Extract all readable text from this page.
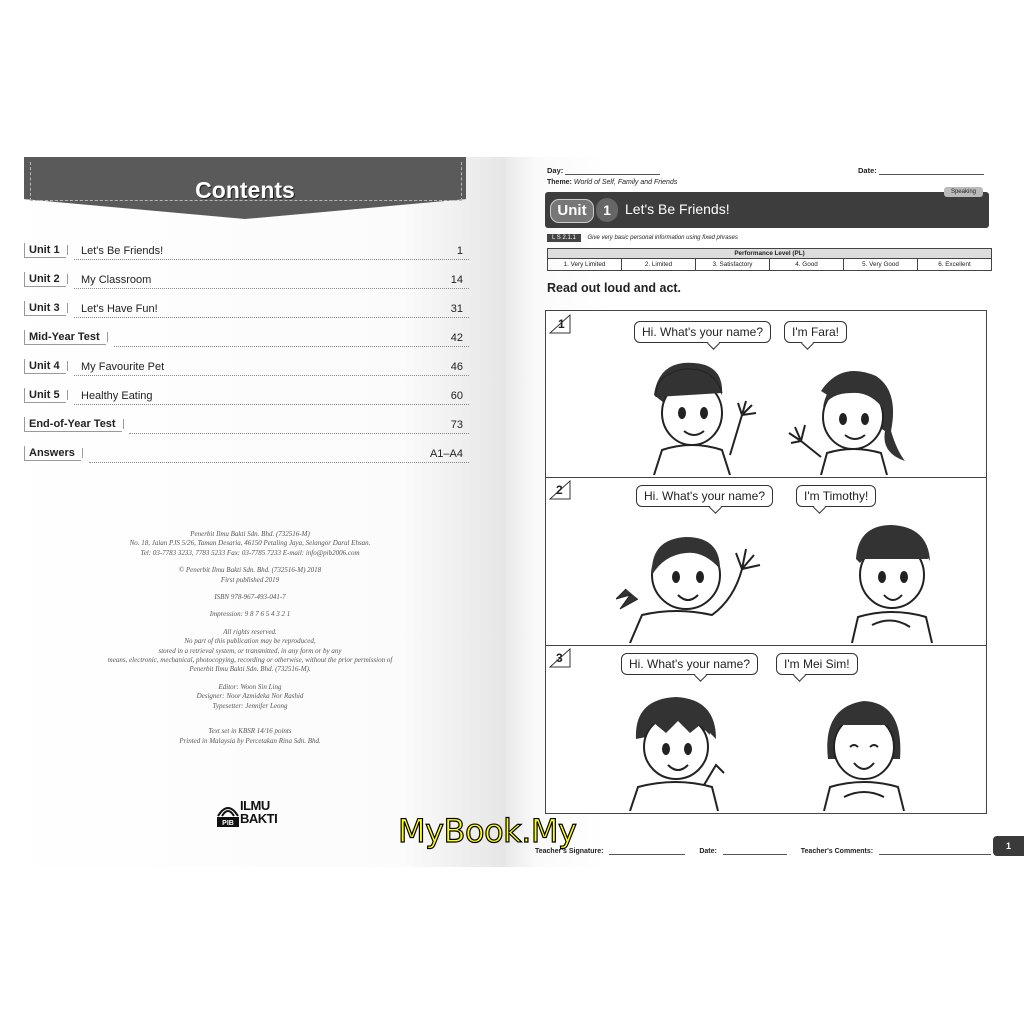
Contents
Unit 1	Let's Be Friends!	1
Unit 2	My Classroom	14
Unit 3	Let's Have Fun!	31
Mid-Year Test	42
Unit 4	My Favourite Pet	46
Unit 5	Healthy Eating	60
End-of-Year Test	73
Answers	A1–A4
Penerbit Ilmu Bakti Sdn. Bhd. (732516-M)
No. 18, Jalan PJS 5/26, Taman Desaria, 46150 Petaling Jaya, Selangor Darul Ehsan.
Tel: 03-7783 3233, 7783 5233 Fax: 03-7785 7233 E-mail: info@pib2006.com
© Penerbit Ilmu Bakti Sdn. Bhd. (732516-M) 2018
First published 2019
ISBN 978-967-493-041-7
Impression: 9 8 7 6 5 4 3 2 1
All rights reserved.
No part of this publication may be reproduced,
stored in a retrieval system, or transmitted, in any form or by any
means, electronic, mechanical, photocopying, recording or otherwise, without the prior permission of
Penerbit Ilmu Bakti Sdn. Bhd. (732516-M).
Editor: Woon Sin Ling
Designer: Noor Azmideka Nor Rashid
Typesetter: Jennifer Leong
Text set in KBSR 14/16 points
Printed in Malaysia by Percetakan Rina Sdn. Bhd.
PIB
ILMU
BAKTI
Day:	Date:
Theme: World of Self, Family and Friends
Unit	1	Let's Be Friends!
Speaking
L S 2.1.1 Give very basic personal information using fixed phrases
Performance Level (PL)
1. Very Limited	2. Limited	3. Satisfactory	4. Good	5. Very Good	6. Excellent
Read out loud and act.
1
Hi. What's your name?	I'm Fara!
2	Hi. What's your name?	I'm Timothy!
3	Hi. What's your name?	I'm Mei Sim!
Teacher's Signature:	Date:	Teacher's Comments:
1
MyBook.My
